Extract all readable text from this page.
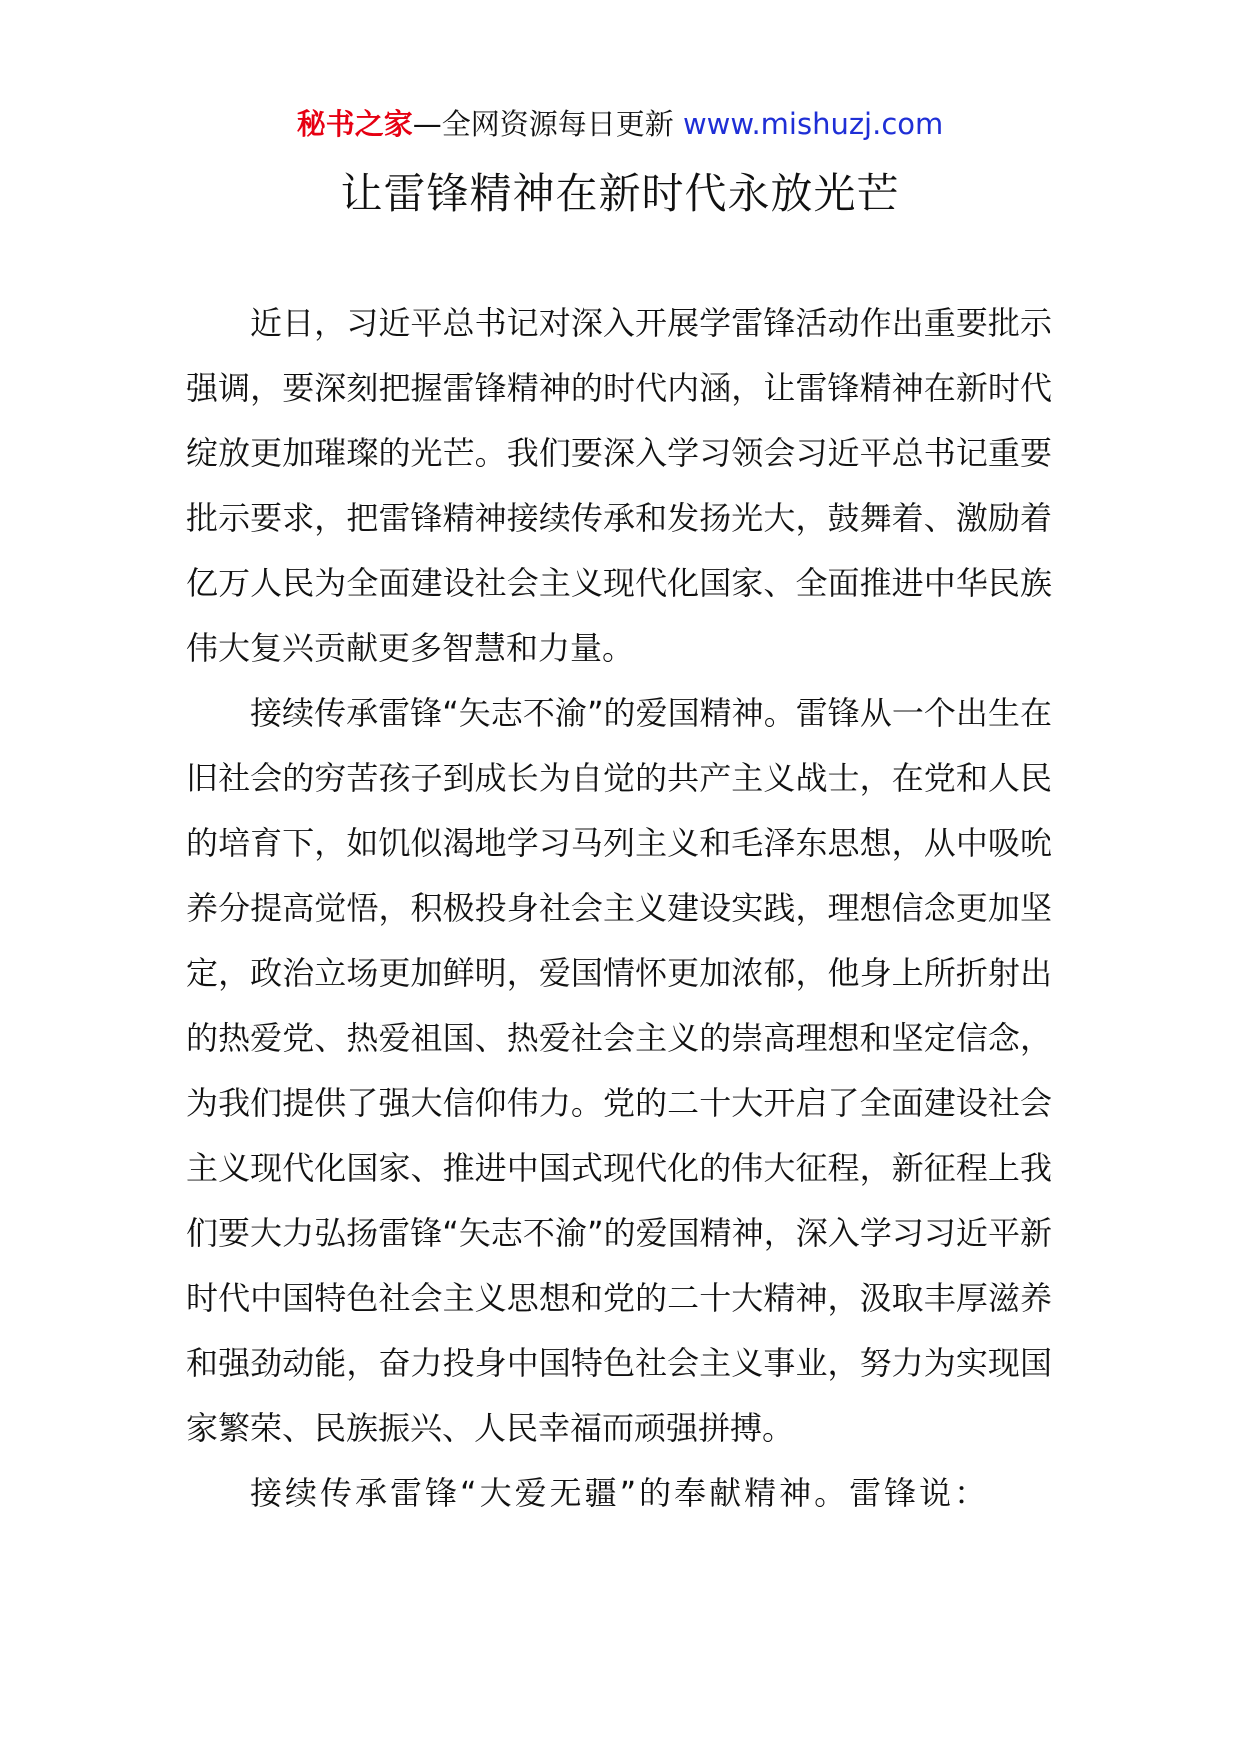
秘书之家—全网资源每日更新 www.mishuzj.com
让雷锋精神在新时代永放光芒

近日，习近平总书记对深入开展学雷锋活动作出重要批示强调，要深刻把握雷锋精神的时代内涵，让雷锋精神在新时代绽放更加璀璨的光芒。我们要深入学习领会习近平总书记重要批示要求，把雷锋精神接续传承和发扬光大，鼓舞着、激励着亿万人民为全面建设社会主义现代化国家、全面推进中华民族伟大复兴贡献更多智慧和力量。

接续传承雷锋“矢志不渝”的爱国精神。雷锋从一个出生在旧社会的穷苦孩子到成长为自觉的共产主义战士，在党和人民的培育下，如饥似渴地学习马列主义和毛泽东思想，从中吸吮养分提高觉悟，积极投身社会主义建设实践，理想信念更加坚定，政治立场更加鲜明，爱国情怀更加浓郁，他身上所折射出的热爱党、热爱祖国、热爱社会主义的崇高理想和坚定信念，为我们提供了强大信仰伟力。党的二十大开启了全面建设社会主义现代化国家、推进中国式现代化的伟大征程，新征程上我们要大力弘扬雷锋“矢志不渝”的爱国精神，深入学习习近平新时代中国特色社会主义思想和党的二十大精神，汲取丰厚滋养和强劲动能，奋力投身中国特色社会主义事业，努力为实现国家繁荣、民族振兴、人民幸福而顽强拼搏。

接续传承雷锋“大爱无疆”的奉献精神。雷锋说：
